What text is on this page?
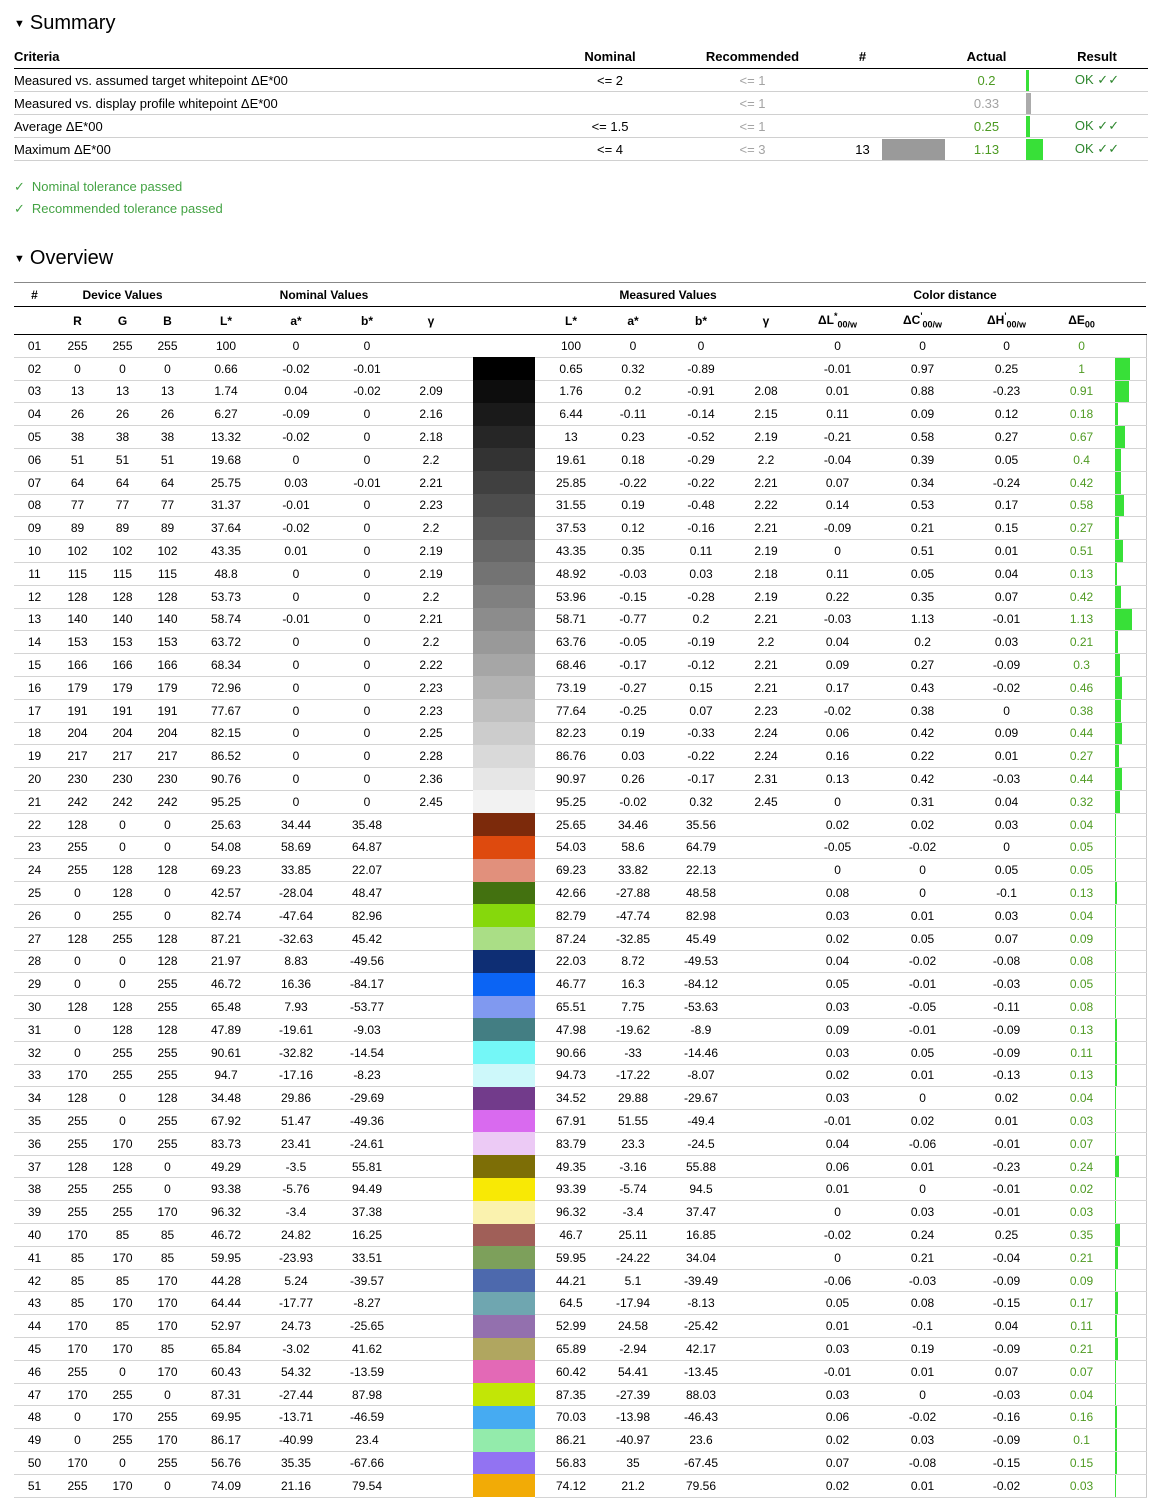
▼ Summary
Criteria	Nominal	Recommended	#		Actual		Result
Measured vs. assumed target whitepoint ΔE*00	<= 2	<= 1			0.2		OK ✓✓
Measured vs. display profile whitepoint ΔE*00		<= 1			0.33	

Average ΔE*00	<= 1.5	<= 1			0.25		OK ✓✓
Maximum ΔE*00	<= 4	<= 3	13		1.13		OK ✓✓
✓ Nominal tolerance passed
✓ Recommended tolerance passed
▼ Overview
#	Device Values			Nominal Values							Measured Values				Color distance				
	R	G	B	L*	a*	b*	γ				L*	a*	b*	γ	$\Delta L^*_{00/w}$	$\Delta C'_{00/w}$	$\Delta H'_{00/w}$	$\Delta E_{00}$	
01	255	255	255	100	0	0					100	0	0		0	0	0	0	
02	0	0	0	0.66	-0.02	-0.01					0.65	0.32	-0.89		-0.01	0.97	0.25	1	

03	13	13	13	1.74	0.04	-0.02	2.09				1.76	0.2	-0.91	2.08	0.01	0.88	-0.23	0.91	

04	26	26	26	6.27	-0.09	0	2.16				6.44	-0.11	-0.14	2.15	0.11	0.09	0.12	0.18	

05	38	38	38	13.32	-0.02	0	2.18				13	0.23	-0.52	2.19	-0.21	0.58	0.27	0.67	

06	51	51	51	19.68	0	0	2.2				19.61	0.18	-0.29	2.2	-0.04	0.39	0.05	0.4	

07	64	64	64	25.75	0.03	-0.01	2.21				25.85	-0.22	-0.22	2.21	0.07	0.34	-0.24	0.42	

08	77	77	77	31.37	-0.01	0	2.23				31.55	0.19	-0.48	2.22	0.14	0.53	0.17	0.58	

09	89	89	89	37.64	-0.02	0	2.2				37.53	0.12	-0.16	2.21	-0.09	0.21	0.15	0.27	

10	102	102	102	43.35	0.01	0	2.19				43.35	0.35	0.11	2.19	0	0.51	0.01	0.51	

11	115	115	115	48.8	0	0	2.19				48.92	-0.03	0.03	2.18	0.11	0.05	0.04	0.13	

12	128	128	128	53.73	0	0	2.2				53.96	-0.15	-0.28	2.19	0.22	0.35	0.07	0.42	

13	140	140	140	58.74	-0.01	0	2.21				58.71	-0.77	0.2	2.21	-0.03	1.13	-0.01	1.13	

14	153	153	153	63.72	0	0	2.2				63.76	-0.05	-0.19	2.2	0.04	0.2	0.03	0.21	

15	166	166	166	68.34	0	0	2.22				68.46	-0.17	-0.12	2.21	0.09	0.27	-0.09	0.3	

16	179	179	179	72.96	0	0	2.23				73.19	-0.27	0.15	2.21	0.17	0.43	-0.02	0.46	

17	191	191	191	77.67	0	0	2.23				77.64	-0.25	0.07	2.23	-0.02	0.38	0	0.38	

18	204	204	204	82.15	0	0	2.25				82.23	0.19	-0.33	2.24	0.06	0.42	0.09	0.44	

19	217	217	217	86.52	0	0	2.28				86.76	0.03	-0.22	2.24	0.16	0.22	0.01	0.27	

20	230	230	230	90.76	0	0	2.36				90.97	0.26	-0.17	2.31	0.13	0.42	-0.03	0.44	

21	242	242	242	95.25	0	0	2.45				95.25	-0.02	0.32	2.45	0	0.31	0.04	0.32	

22	128	0	0	25.63	34.44	35.48					25.65	34.46	35.56		0.02	0.02	0.03	0.04	

23	255	0	0	54.08	58.69	64.87					54.03	58.6	64.79		-0.05	-0.02	0	0.05	

24	255	128	128	69.23	33.85	22.07					69.23	33.82	22.13		0	0	0.05	0.05	

25	0	128	0	42.57	-28.04	48.47					42.66	-27.88	48.58		0.08	0	-0.1	0.13	

26	0	255	0	82.74	-47.64	82.96					82.79	-47.74	82.98		0.03	0.01	0.03	0.04	

27	128	255	128	87.21	-32.63	45.42					87.24	-32.85	45.49		0.02	0.05	0.07	0.09	

28	0	0	128	21.97	8.83	-49.56					22.03	8.72	-49.53		0.04	-0.02	-0.08	0.08	

29	0	0	255	46.72	16.36	-84.17					46.77	16.3	-84.12		0.05	-0.01	-0.03	0.05	

30	128	128	255	65.48	7.93	-53.77					65.51	7.75	-53.63		0.03	-0.05	-0.11	0.08	

31	0	128	128	47.89	-19.61	-9.03					47.98	-19.62	-8.9		0.09	-0.01	-0.09	0.13	

32	0	255	255	90.61	-32.82	-14.54					90.66	-33	-14.46		0.03	0.05	-0.09	0.11	

33	170	255	255	94.7	-17.16	-8.23					94.73	-17.22	-8.07		0.02	0.01	-0.13	0.13	

34	128	0	128	34.48	29.86	-29.69					34.52	29.88	-29.67		0.03	0	0.02	0.04	

35	255	0	255	67.92	51.47	-49.36					67.91	51.55	-49.4		-0.01	0.02	0.01	0.03	

36	255	170	255	83.73	23.41	-24.61					83.79	23.3	-24.5		0.04	-0.06	-0.01	0.07	

37	128	128	0	49.29	-3.5	55.81					49.35	-3.16	55.88		0.06	0.01	-0.23	0.24	

38	255	255	0	93.38	-5.76	94.49					93.39	-5.74	94.5		0.01	0	-0.01	0.02	

39	255	255	170	96.32	-3.4	37.38					96.32	-3.4	37.47		0	0.03	-0.01	0.03	

40	170	85	85	46.72	24.82	16.25					46.7	25.11	16.85		-0.02	0.24	0.25	0.35	

41	85	170	85	59.95	-23.93	33.51					59.95	-24.22	34.04		0	0.21	-0.04	0.21	

42	85	85	170	44.28	5.24	-39.57					44.21	5.1	-39.49		-0.06	-0.03	-0.09	0.09	

43	85	170	170	64.44	-17.77	-8.27					64.5	-17.94	-8.13		0.05	0.08	-0.15	0.17	

44	170	85	170	52.97	24.73	-25.65					52.99	24.58	-25.42		0.01	-0.1	0.04	0.11	

45	170	170	85	65.84	-3.02	41.62					65.89	-2.94	42.17		0.03	0.19	-0.09	0.21	

46	255	0	170	60.43	54.32	-13.59					60.42	54.41	-13.45		-0.01	0.01	0.07	0.07	

47	170	255	0	87.31	-27.44	87.98					87.35	-27.39	88.03		0.03	0	-0.03	0.04	

48	0	170	255	69.95	-13.71	-46.59					70.03	-13.98	-46.43		0.06	-0.02	-0.16	0.16	

49	0	255	170	86.17	-40.99	23.4					86.21	-40.97	23.6		0.02	0.03	-0.09	0.1	

50	170	0	255	56.76	35.35	-67.66					56.83	35	-67.45		0.07	-0.08	-0.15	0.15	

51	255	170	0	74.09	21.16	79.54					74.12	21.2	79.56		0.02	0.01	-0.02	0.03	
